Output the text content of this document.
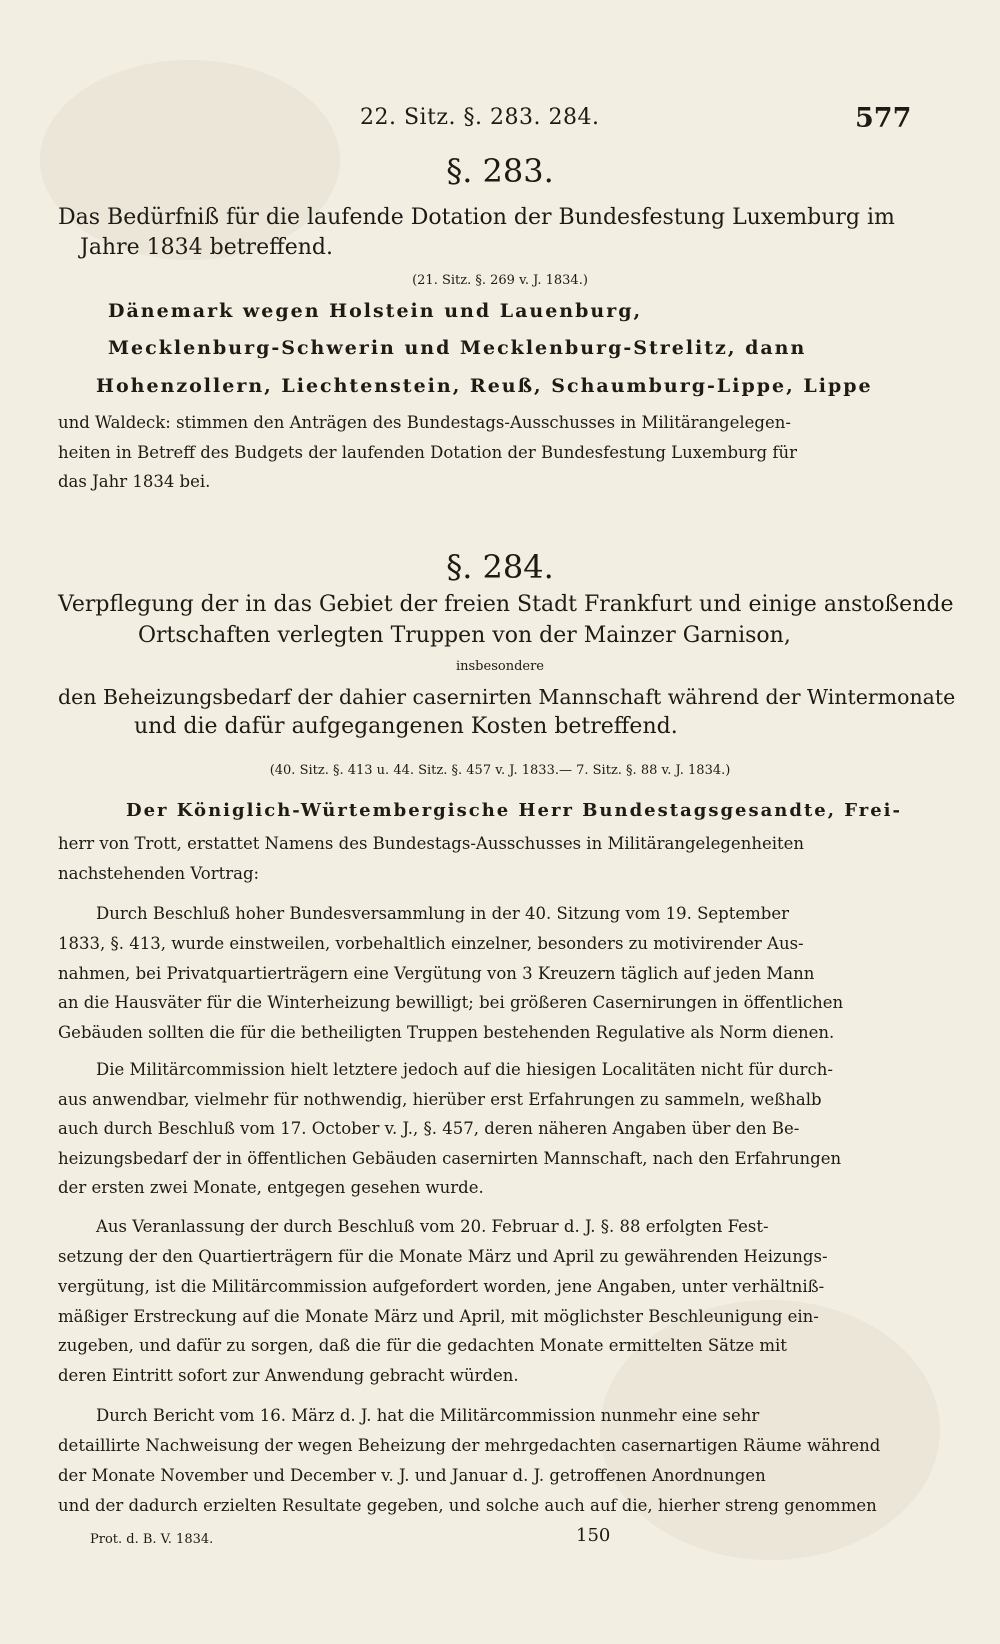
22. Sitz. §. 283. 284.	577
§. 283.
Das Bedürfniß für die laufende Dotation der Bundesfestung Luxemburg im
Jahre 1834 betreffend.
(21. Sitz. §. 269 v. J. 1834.)
Dänemark wegen Holstein und Lauenburg,
Mecklenburg-Schwerin und Mecklenburg-Strelitz, dann
Hohenzollern, Liechtenstein, Reuß, Schaumburg-Lippe, Lippe
und Waldeck: stimmen den Anträgen des Bundestags-Ausschusses in Militärangelegen-
heiten in Betreff des Budgets der laufenden Dotation der Bundesfestung Luxemburg für
das Jahr 1834 bei.
§. 284.
Verpflegung der in das Gebiet der freien Stadt Frankfurt und einige anstoßende
Ortschaften verlegten Truppen von der Mainzer Garnison,
insbesondere
den Beheizungsbedarf der dahier casernirten Mannschaft während der Wintermonate
und die dafür aufgegangenen Kosten betreffend.
(40. Sitz. §. 413 u. 44. Sitz. §. 457 v. J. 1833.— 7. Sitz. §. 88 v. J. 1834.)
Der Königlich-Würtembergische Herr Bundestagsgesandte, Frei-
herr von Trott, erstattet Namens des Bundestags-Ausschusses in Militärangelegenheiten
nachstehenden Vortrag:
Durch Beschluß hoher Bundesversammlung in der 40. Sitzung vom 19. September
1833, §. 413, wurde einstweilen, vorbehaltlich einzelner, besonders zu motivirender Aus-
nahmen, bei Privatquartierträgern eine Vergütung von 3 Kreuzern täglich auf jeden Mann
an die Hausväter für die Winterheizung bewilligt; bei größeren Casernirungen in öffentlichen
Gebäuden sollten die für die betheiligten Truppen bestehenden Regulative als Norm dienen.
Die Militärcommission hielt letztere jedoch auf die hiesigen Localitäten nicht für durch-
aus anwendbar, vielmehr für nothwendig, hierüber erst Erfahrungen zu sammeln, weßhalb
auch durch Beschluß vom 17. October v. J., §. 457, deren näheren Angaben über den Be-
heizungsbedarf der in öffentlichen Gebäuden casernirten Mannschaft, nach den Erfahrungen
der ersten zwei Monate, entgegen gesehen wurde.
Aus Veranlassung der durch Beschluß vom 20. Februar d. J. §. 88 erfolgten Fest-
setzung der den Quartierträgern für die Monate März und April zu gewährenden Heizungs-
vergütung, ist die Militärcommission aufgefordert worden, jene Angaben, unter verhältniß-
mäßiger Erstreckung auf die Monate März und April, mit möglichster Beschleunigung ein-
zugeben, und dafür zu sorgen, daß die für die gedachten Monate ermittelten Sätze mit
deren Eintritt sofort zur Anwendung gebracht würden.
Durch Bericht vom 16. März d. J. hat die Militärcommission nunmehr eine sehr
detaillirte Nachweisung der wegen Beheizung der mehrgedachten casernartigen Räume während
der Monate November und December v. J. und Januar d. J. getroffenen Anordnungen
und der dadurch erzielten Resultate gegeben, und solche auch auf die, hierher streng genommen
Prot. d. B. V. 1834.	150
